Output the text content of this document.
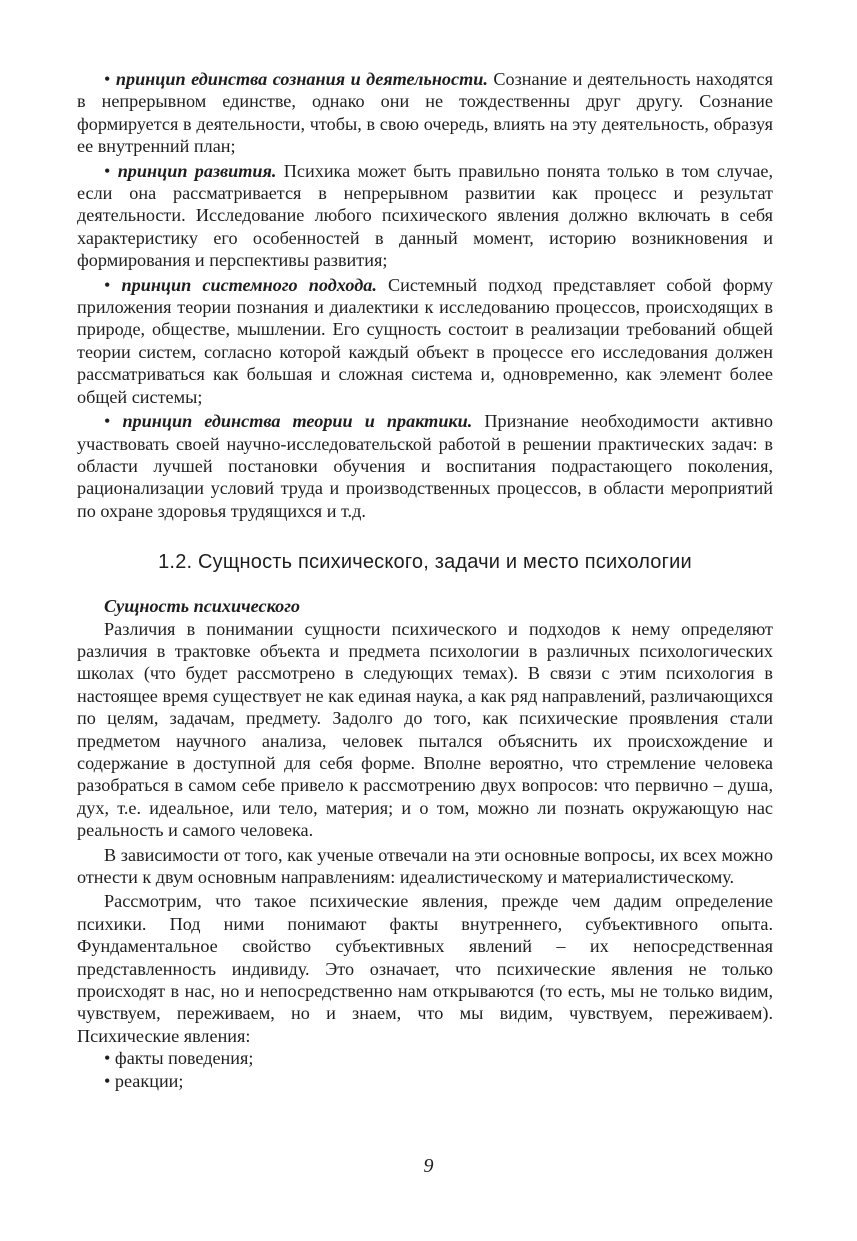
• принцип единства сознания и деятельности. Сознание и деятельность находятся в непрерывном единстве, однако они не тождественны друг другу. Сознание формируется в деятельности, чтобы, в свою очередь, влиять на эту деятельность, образуя ее внутренний план;

• принцип развития. Психика может быть правильно понята только в том случае, если она рассматривается в непрерывном развитии как процесс и результат деятельности. Исследование любого психического явления должно включать в себя характеристику его особенностей в данный момент, историю возникновения и формирования и перспективы развития;

• принцип системного подхода. Системный подход представляет собой форму приложения теории познания и диалектики к исследованию процессов, происходящих в природе, обществе, мышлении. Его сущность состоит в реализации требований общей теории систем, согласно которой каждый объект в процессе его исследования должен рассматриваться как большая и сложная система и, одновременно, как элемент более общей системы;

• принцип единства теории и практики. Признание необходимости активно участвовать своей научно-исследовательской работой в решении практических задач: в области лучшей постановки обучения и воспитания подрастающего поколения, рационализации условий труда и производственных процессов, в области мероприятий по охране здоровья трудящихся и т.д.

1.2. Сущность психического, задачи и место психологии

Сущность психического

Различия в понимании сущности психического и подходов к нему определяют различия в трактовке объекта и предмета психологии в различных психологических школах (что будет рассмотрено в следующих темах). В связи с этим психология в настоящее время существует не как единая наука, а как ряд направлений, различающихся по целям, задачам, предмету. Задолго до того, как психические проявления стали предметом научного анализа, человек пытался объяснить их происхождение и содержание в доступной для себя форме. Вполне вероятно, что стремление человека разобраться в самом себе привело к рассмотрению двух вопросов: что первично – душа, дух, т.е. идеальное, или тело, материя; и о том, можно ли познать окружающую нас реальность и самого человека.

В зависимости от того, как ученые отвечали на эти основные вопросы, их всех можно отнести к двум основным направлениям: идеалистическому и материалистическому.

Рассмотрим, что такое психические явления, прежде чем дадим определение психики. Под ними понимают факты внутреннего, субъективного опыта. Фундаментальное свойство субъективных явлений – их непосредственная представленность индивиду. Это означает, что психические явления не только происходят в нас, но и непосредственно нам открываются (то есть, мы не только видим, чувствуем, переживаем, но и знаем, что мы видим, чувствуем, переживаем). Психические явления:

• факты поведения;
• реакции;
9
